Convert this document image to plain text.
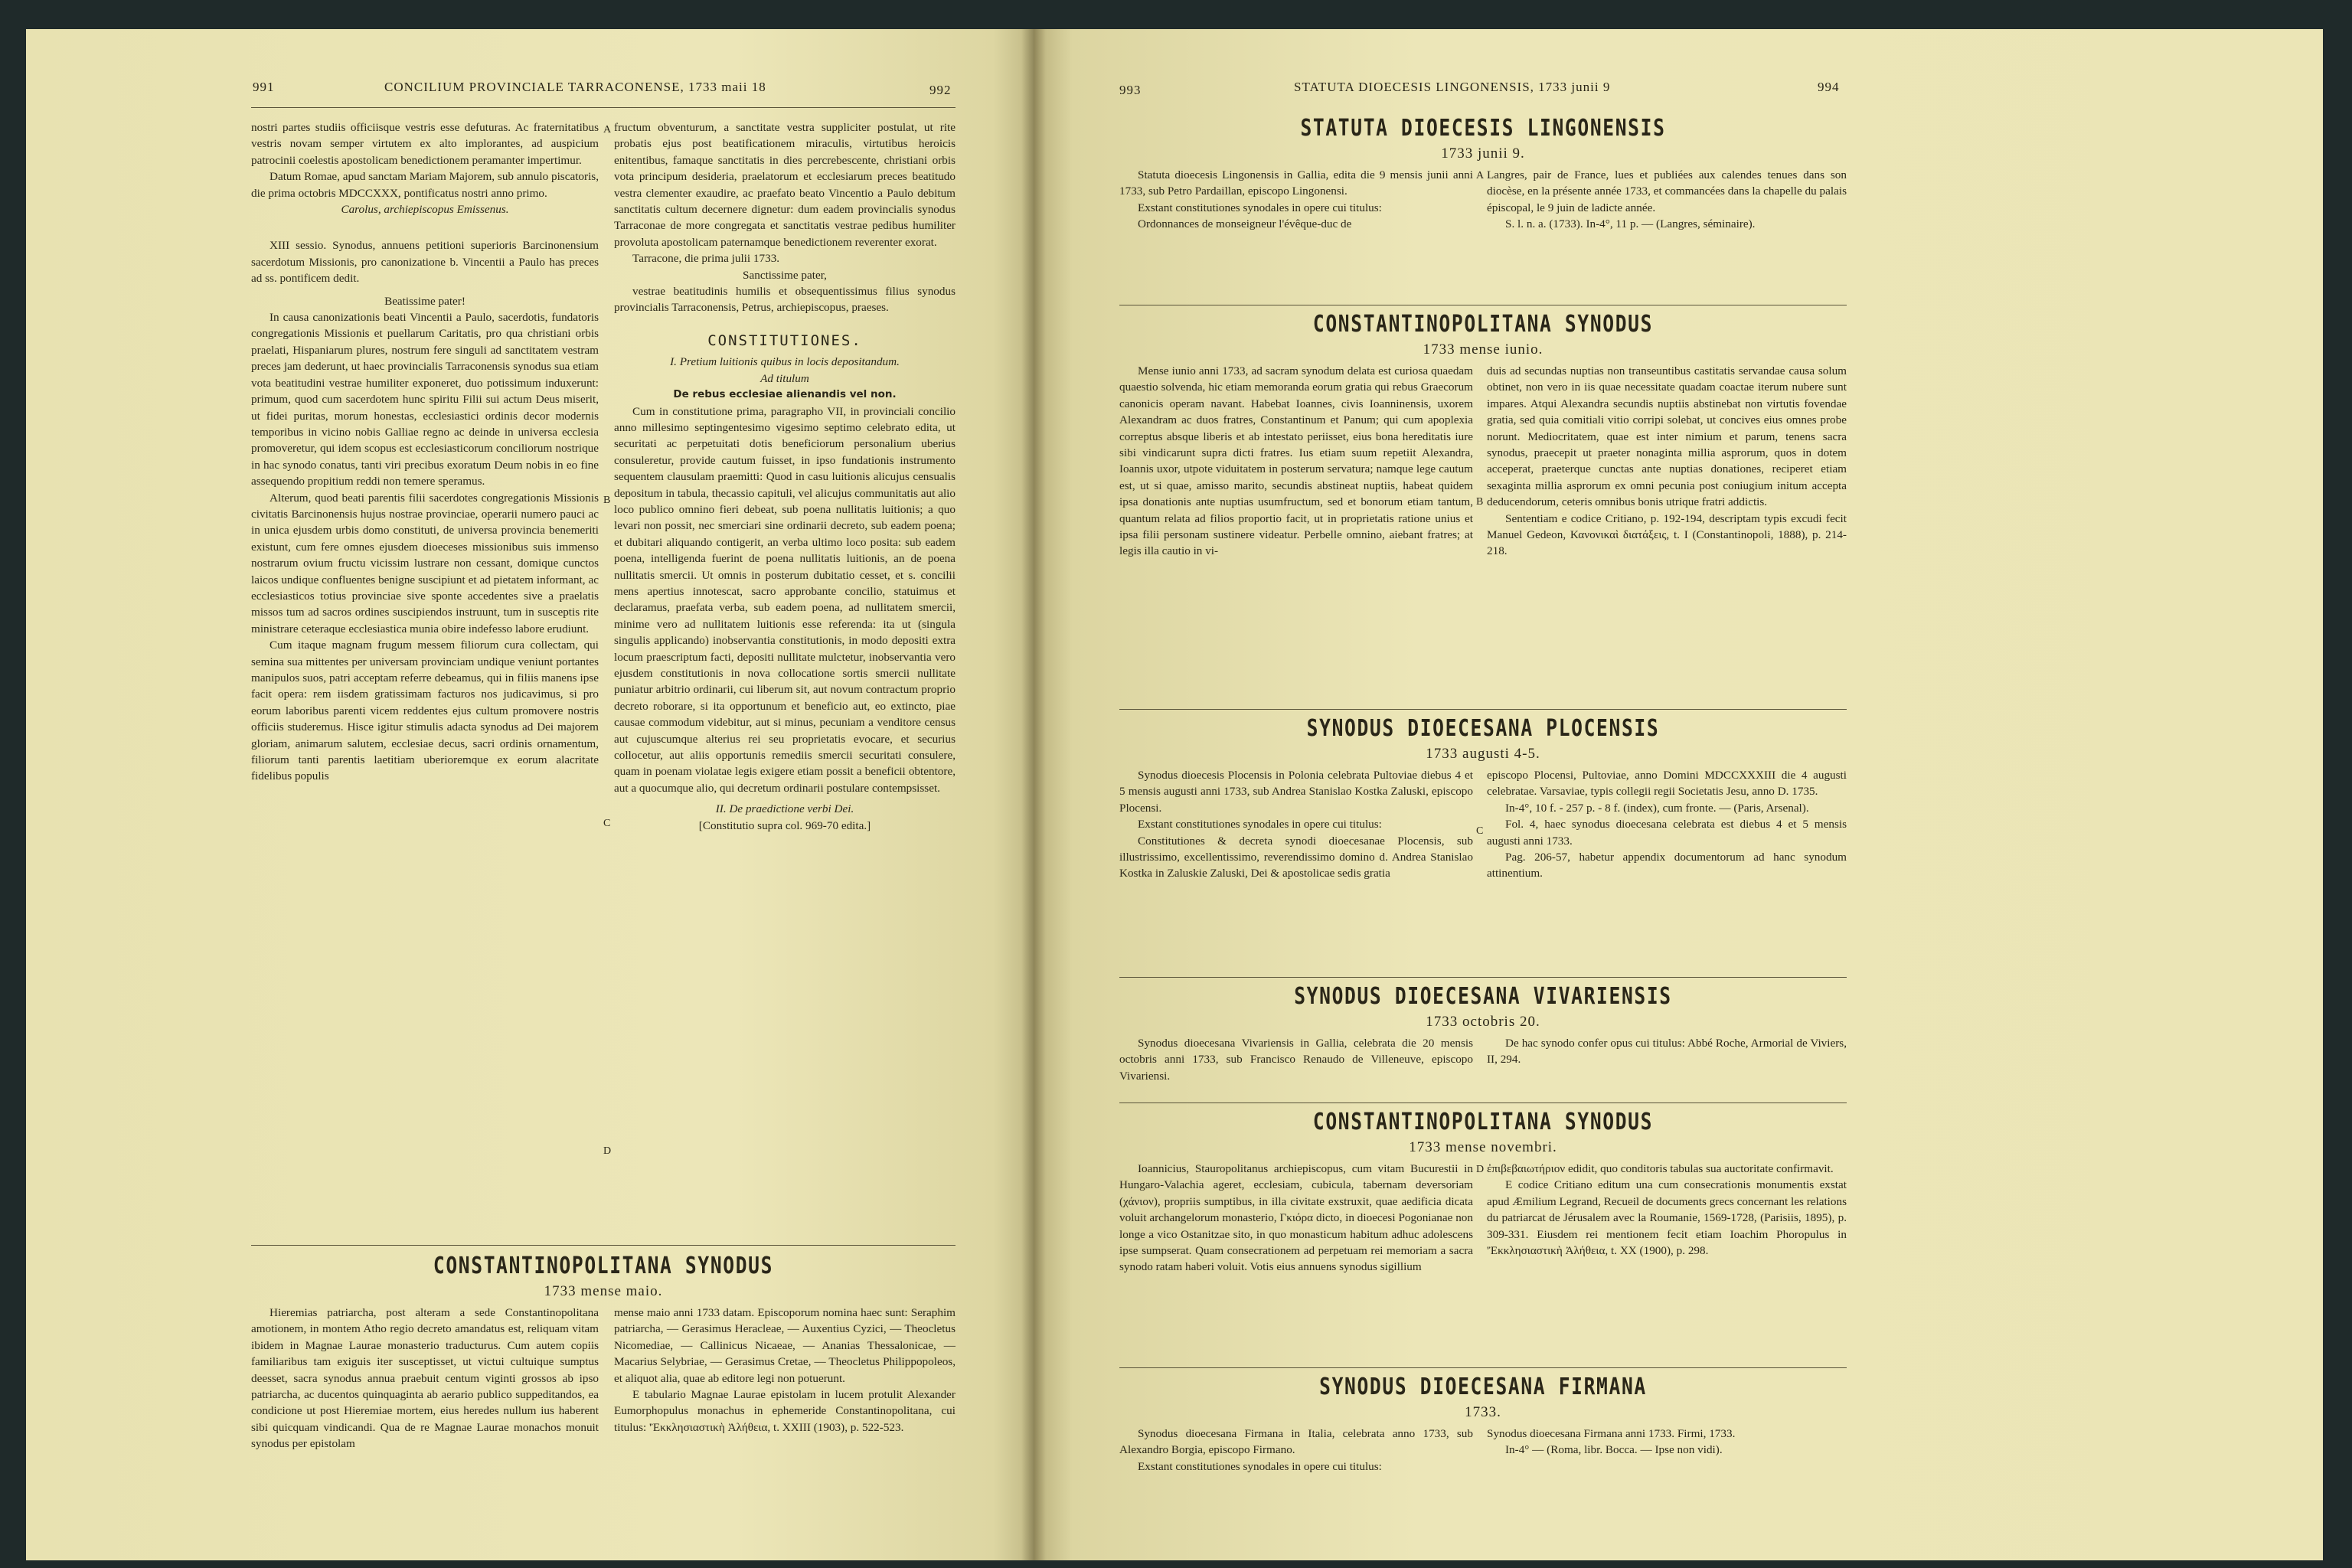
991	CONCILIUM PROVINCIALE TARRACONENSE, 1733 maii 18	992

nostri partes studiis officiisque vestris esse defuturas. Ac fraternitatibus vestris novam semper virtutem ex alto implorantes, ad auspicium patrocinii coelestis apostolicam benedictionem peramanter impertimur.

Datum Romae, apud sanctam Mariam Majorem, sub annulo piscatoris, die prima octobris MDCCXXX, pontificatus nostri anno primo.

Carolus, archiepiscopus Emissenus.

XIII sessio. Synodus, annuens petitioni superioris Barcinonensium sacerdotum Missionis, pro canonizatione b. Vincentii a Paulo has preces ad ss. pontificem dedit.

Beatissime pater!

In causa canonizationis beati Vincentii a Paulo, sacerdotis, fundatoris congregationis Missionis et puellarum Caritatis, pro qua christiani orbis praelati, Hispaniarum plures, nostrum fere singuli ad sanctitatem vestram preces jam dederunt, ut haec provincialis Tarraconensis synodus sua etiam vota beatitudini vestrae humiliter exponeret, duo potissimum induxerunt: primum, quod cum sacerdotem hunc spiritu Filii sui actum Deus miserit, ut fidei puritas, morum honestas, ecclesiastici ordinis decor modernis temporibus in vicino nobis Galliae regno ac deinde in universa ecclesia promoveretur, qui idem scopus est ecclesiasticorum conciliorum nostrique in hac synodo conatus, tanti viri precibus exoratum Deum nobis in eo fine assequendo propitium reddi non temere speramus.

Alterum, quod beati parentis filii sacerdotes congregationis Missionis civitatis Barcinonensis hujus nostrae provinciae, operarii numero pauci ac in unica ejusdem urbis domo constituti, de universa provincia benemeriti existunt, cum fere omnes ejusdem dioeceses missionibus suis immenso nostrarum ovium fructu vicissim lustrare non cessant, domique cunctos laicos undique confluentes benigne suscipiunt et ad pietatem informant, ac ecclesiasticos totius provinciae sive sponte accedentes sive a praelatis missos tum ad sacros ordines suscipiendos instruunt, tum in susceptis rite ministrare ceteraque ecclesiastica munia obire indefesso labore erudiunt.

Cum itaque magnam frugum messem filiorum cura collectam, qui semina sua mittentes per universam provinciam undique veniunt portantes manipulos suos, patri acceptam referre debeamus, qui in filiis manens ipse facit opera: rem iisdem gratissimam facturos nos judicavimus, si pro eorum laboribus parenti vicem reddentes ejus cultum promovere nostris officiis studeremus. Hisce igitur stimulis adacta synodus ad Dei majorem gloriam, animarum salutem, ecclesiae decus, sacri ordinis ornamentum, filiorum tanti parentis laetitiam uberioremque ex eorum alacritate fidelibus populis

A
B
C
D

fructum obventurum, a sanctitate vestra suppliciter postulat, ut rite probatis ejus post beatificationem miraculis, virtutibus heroicis enitentibus, famaque sanctitatis in dies percrebescente, christiani orbis vota principum desideria, praelatorum et ecclesiarum preces beatitudo vestra clementer exaudire, ac praefato beato Vincentio a Paulo debitum sanctitatis cultum decernere dignetur: dum eadem provincialis synodus Tarraconae de more congregata et sanctitatis vestrae pedibus humiliter provoluta apostolicam paternamque benedictionem reverenter exorat.

Tarracone, die prima julii 1733.

Sanctissime pater,

vestrae beatitudinis humilis et obsequentissimus filius synodus provincialis Tarraconensis, Petrus, archiepiscopus, praeses.

CONSTITUTIONES.

I. Pretium luitionis quibus in locis depositandum.

Ad titulum

De rebus ecclesiae alienandis vel non.

Cum in constitutione prima, paragrapho VII, in provinciali concilio anno millesimo septingentesimo vigesimo septimo celebrato edita, ut securitati ac perpetuitati dotis beneficiorum personalium uberius consuleretur, provide cautum fuisset, in ipso fundationis instrumento sequentem clausulam praemitti: Quod in casu luitionis alicujus censualis depositum in tabula, thecassio capituli, vel alicujus communitatis aut alio loco publico omnino fieri debeat, sub poena nullitatis luitionis; a quo levari non possit, nec smerciari sine ordinarii decreto, sub eadem poena; et dubitari aliquando contigerit, an verba ultimo loco posita: sub eadem poena, intelligenda fuerint de poena nullitatis luitionis, an de poena nullitatis smercii. Ut omnis in posterum dubitatio cesset, et s. concilii mens apertius innotescat, sacro approbante concilio, statuimus et declaramus, praefata verba, sub eadem poena, ad nullitatem smercii, minime vero ad nullitatem luitionis esse referenda: ita ut (singula singulis applicando) inobservantia constitutionis, in modo depositi extra locum praescriptum facti, depositi nullitate mulctetur, inobservantia vero ejusdem constitutionis in nova collocatione sortis smercii nullitate puniatur arbitrio ordinarii, cui liberum sit, aut novum contractum proprio decreto roborare, si ita opportunum et beneficio aut, eo extincto, piae causae commodum videbitur, aut si minus, pecuniam a venditore census aut cujuscumque alterius rei seu proprietatis evocare, et securius collocetur, aut aliis opportunis remediis smercii securitati consulere, quam in poenam violatae legis exigere etiam possit a beneficii obtentore, aut a quocumque alio, qui decretum ordinarii postulare contempsisset.

II. De praedictione verbi Dei.

[Constitutio supra col. 969-70 edita.]

CONSTANTINOPOLITANA SYNODUS
1733 mense maio.

Hieremias patriarcha, post alteram a sede Constantinopolitana amotionem, in montem Atho regio decreto amandatus est, reliquam vitam ibidem in Magnae Laurae monasterio traducturus. Cum autem copiis familiaribus tam exiguis iter susceptisset, ut victui cultuique sumptus deesset, sacra synodus annua praebuit centum viginti grossos ab ipso patriarcha, ac ducentos quinquaginta ab aerario publico suppeditandos, ea condicione ut post Hieremiae mortem, eius heredes nullum ius haberent sibi quicquam vindicandi. Qua de re Magnae Laurae monachos monuit synodus per epistolam

mense maio anni 1733 datam. Episcoporum nomina haec sunt: Seraphim patriarcha, — Gerasimus Heracleae, — Auxentius Cyzici, — Theocletus Nicomediae, — Callinicus Nicaeae, — Ananias Thessalonicae, — Macarius Selybriae, — Gerasimus Cretae, — Theocletus Philippopoleos, et aliquot alia, quae ab editore legi non potuerunt.

E tabulario Magnae Laurae epistolam in lucem protulit Alexander Eumorphopulus monachus in ephemeride Constantinopolitana, cui titulus: 'Ἐκκλησιαστικὴ Ἀλήθεια, t. XXIII (1903), p. 522-523.

993	STATUTA DIOECESIS LINGONENSIS, 1733 junii 9	994
STATUTA DIOECESIS LINGONENSIS
1733 junii 9.

Statuta dioecesis Lingonensis in Gallia, edita die 9 mensis junii anni 1733, sub Petro Pardaillan, episcopo Lingonensi.

Exstant constitutiones synodales in opere cui titulus:

Ordonnances de monseigneur l'évêque-duc de

A Langres, pair de France, lues et publiées aux calendes tenues dans son diocèse, en la présente année 1733, et commancées dans la chapelle du palais épiscopal, le 9 juin de ladicte année.

S. l. n. a. (1733). In-4°, 11 p. — (Langres, séminaire).

CONSTANTINOPOLITANA SYNODUS
1733 mense iunio.

Mense iunio anni 1733, ad sacram synodum delata est curiosa quaedam quaestio solvenda, hic etiam memoranda eorum gratia qui rebus Graecorum canonicis operam navant. Habebat Ioannes, civis Ioanninensis, uxorem Alexandram ac duos fratres, Constantinum et Panum; qui cum apoplexia correptus absque liberis et ab intestato periisset, eius bona hereditatis iure sibi vindicarunt supra dicti fratres. Ius etiam suum repetiit Alexandra, Ioannis uxor, utpote viduitatem in posterum servatura; namque lege cautum est, ut si quae, amisso marito, secundis abstineat nuptiis, habeat quidem ipsa donationis ante nuptias usumfructum, sed et bonorum etiam tantum, quantum relata ad filios proportio facit, ut in proprietatis ratione unius et ipsa filii personam sustinere videatur. Perbelle omnino, aiebant fratres; at legis illa cautio in vi-

B

duis ad secundas nuptias non transeuntibus castitatis servandae causa solum obtinet, non vero in iis quae necessitate quadam coactae iterum nubere sunt impares. Atqui Alexandra secundis nuptiis abstinebat non virtutis fovendae gratia, sed quia comitiali vitio corripi solebat, ut concives eius omnes probe norunt. Mediocritatem, quae est inter nimium et parum, tenens sacra synodus, praecepit ut praeter nonaginta millia asprorum, quos in dotem acceperat, praeterque cunctas ante nuptias donationes, reciperet etiam sexaginta millia asprorum ex omni pecunia post coniugium initum accepta deducendorum, ceteris omnibus bonis utrique fratri addictis.

Sententiam e codice Critiano, p. 192-194, descriptam typis excudi fecit Manuel Gedeon, Κανονικαὶ διατάξεις, t. I (Constantinopoli, 1888), p. 214-218.

SYNODUS DIOECESANA PLOCENSIS
1733 augusti 4-5.

Synodus dioecesis Plocensis in Polonia celebrata Pultoviae diebus 4 et 5 mensis augusti anni 1733, sub Andrea Stanislao Kostka Zaluski, episcopo Plocensi.

Exstant constitutiones synodales in opere cui titulus:

Constitutiones & decreta synodi dioecesanae Plocensis, sub illustrissimo, excellentissimo, reverendissimo domino d. Andrea Stanislao Kostka in Zaluskie Zaluski, Dei & apostolicae sedis gratia

C

episcopo Plocensi, Pultoviae, anno Domini MDCCXXXIII die 4 augusti celebratae. Varsaviae, typis collegii regii Societatis Jesu, anno D. 1735.

In-4°, 10 f. - 257 p. - 8 f. (index), cum fronte. — (Paris, Arsenal).

Fol. 4, haec synodus dioecesana celebrata est diebus 4 et 5 mensis augusti anni 1733.

Pag. 206-57, habetur appendix documentorum ad hanc synodum attinentium.

SYNODUS DIOECESANA VIVARIENSIS
1733 octobris 20.

Synodus dioecesana Vivariensis in Gallia, celebrata die 20 mensis octobris anni 1733, sub Francisco Renaudo de Villeneuve, episcopo Vivariensi.

De hac synodo confer opus cui titulus: Abbé Roche, Armorial de Viviers, II, 294.

CONSTANTINOPOLITANA SYNODUS
1733 mense novembri.

Ioannicius, Stauropolitanus archiepiscopus, cum vitam Bucurestii in Hungaro-Valachia ageret, ecclesiam, cubicula, tabernam deversoriam (χάνιον), propriis sumptibus, in illa civitate exstruxit, quae aedificia dicata voluit archangelorum monasterio, Γκιόρα dicto, in dioecesi Pogonianae non longe a vico Ostanitzae sito, in quo monasticum habitum adhuc adolescens ipse sumpserat. Quam consecrationem ad perpetuam rei memoriam a sacra synodo ratam haberi voluit. Votis eius annuens synodus sigillium

D ἐπιβεβαιωτήριον edidit, quo conditoris tabulas sua auctoritate confirmavit.

E codice Critiano editum una cum consecrationis monumentis exstat apud Æmilium Legrand, Recueil de documents grecs concernant les relations du patriarcat de Jérusalem avec la Roumanie, 1569-1728, (Parisiis, 1895), p. 309-331. Eiusdem rei mentionem fecit etiam Ioachim Phoropulus in 'Ἐκκλησιαστικὴ Ἀλήθεια, t. XX (1900), p. 298.

SYNODUS DIOECESANA FIRMANA
1733.

Synodus dioecesana Firmana in Italia, celebrata anno 1733, sub Alexandro Borgia, episcopo Firmano.

Exstant constitutiones synodales in opere cui titulus:

Synodus dioecesana Firmana anni 1733. Firmi, 1733.

In-4° — (Roma, libr. Bocca. — Ipse non vidi).
